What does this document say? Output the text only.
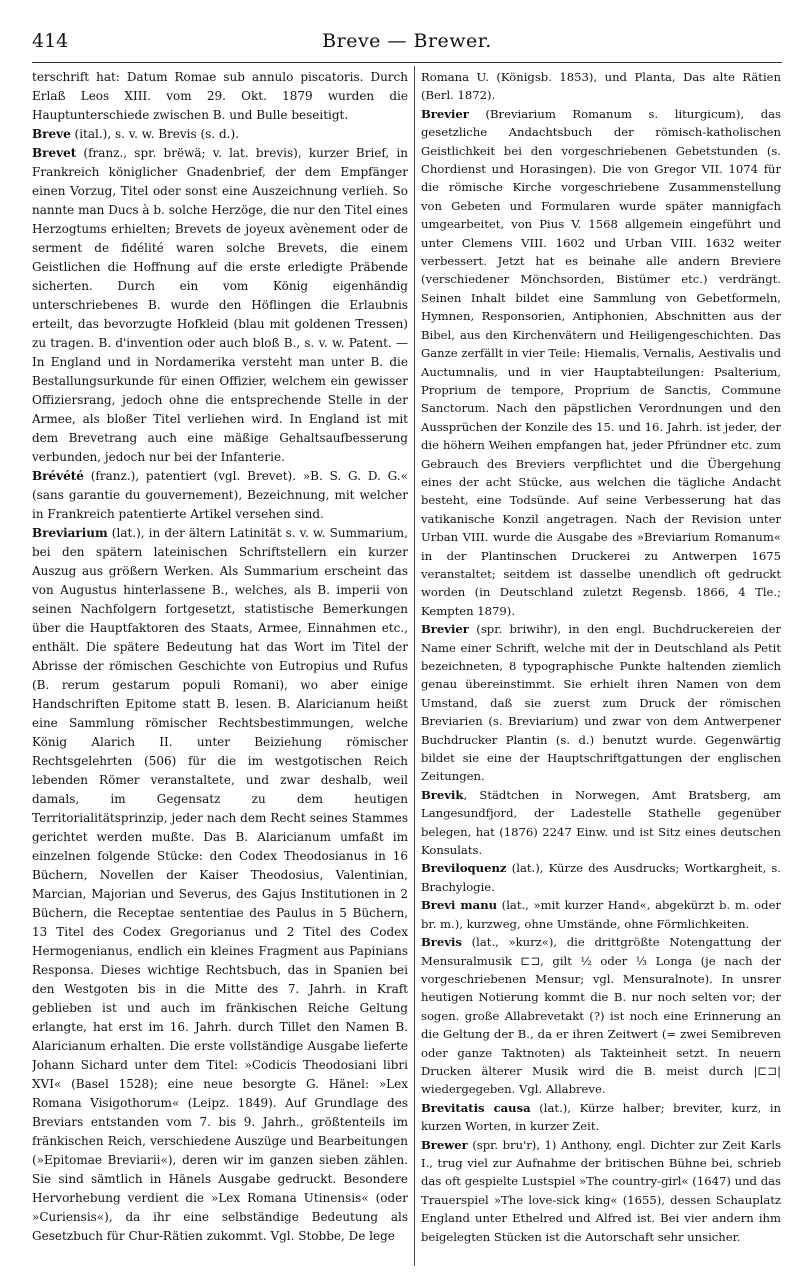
414	Breve — Brewer.

terschrift hat: Datum Romae sub annulo piscatoris. Durch Erlaß Leos XIII. vom 29. Okt. 1879 wurden die Hauptunterschiede zwischen B. und Bulle beseitigt.

Breve (ital.), s. v. w. Brevis (s. d.).

Brevet (franz., spr. brëwä; v. lat. brevis), kurzer Brief, in Frankreich königlicher Gnadenbrief, der dem Empfänger einen Vorzug, Titel oder sonst eine Auszeichnung verlieh. So nannte man Ducs à b. solche Herzöge, die nur den Titel eines Herzogtums erhielten; Brevets de joyeux avènement oder de serment de fidélité waren solche Brevets, die einem Geistlichen die Hoffnung auf die erste erledigte Präbende sicherten. Durch ein vom König eigenhändig unterschriebenes B. wurde den Höflingen die Erlaubnis erteilt, das bevorzugte Hofkleid (blau mit goldenen Tressen) zu tragen. B. d'invention oder auch bloß B., s. v. w. Patent. — In England und in Nordamerika versteht man unter B. die Bestallungsurkunde für einen Offizier, welchem ein gewisser Offiziersrang, jedoch ohne die entsprechende Stelle in der Armee, als bloßer Titel verliehen wird. In England ist mit dem Brevetrang auch eine mäßige Gehaltsaufbesserung verbunden, jedoch nur bei der Infanterie.

Brévété (franz.), patentiert (vgl. Brevet). »B. S. G. D. G.« (sans garantie du gouvernement), Bezeichnung, mit welcher in Frankreich patentierte Artikel versehen sind.

Breviarium (lat.), in der ältern Latinität s. v. w. Summarium, bei den spätern lateinischen Schriftstellern ein kurzer Auszug aus größern Werken. Als Summarium erscheint das von Augustus hinterlassene B., welches, als B. imperii von seinen Nachfolgern fortgesetzt, statistische Bemerkungen über die Hauptfaktoren des Staats, Armee, Einnahmen etc., enthält. Die spätere Bedeutung hat das Wort im Titel der Abrisse der römischen Geschichte von Eutropius und Rufus (B. rerum gestarum populi Romani), wo aber einige Handschriften Epitome statt B. lesen. B. Alaricianum heißt eine Sammlung römischer Rechtsbestimmungen, welche König Alarich II. unter Beiziehung römischer Rechtsgelehrten (506) für die im westgotischen Reich lebenden Römer veranstaltete, und zwar deshalb, weil damals, im Gegensatz zu dem heutigen Territorialitätsprinzip, jeder nach dem Recht seines Stammes gerichtet werden mußte. Das B. Alaricianum umfaßt im einzelnen folgende Stücke: den Codex Theodosianus in 16 Büchern, Novellen der Kaiser Theodosius, Valentinian, Marcian, Majorian und Severus, des Gajus Institutionen in 2 Büchern, die Receptae sententiae des Paulus in 5 Büchern, 13 Titel des Codex Gregorianus und 2 Titel des Codex Hermogenianus, endlich ein kleines Fragment aus Papinians Responsa. Dieses wichtige Rechtsbuch, das in Spanien bei den Westgoten bis in die Mitte des 7. Jahrh. in Kraft geblieben ist und auch im fränkischen Reiche Geltung erlangte, hat erst im 16. Jahrh. durch Tillet den Namen B. Alaricianum erhalten. Die erste vollständige Ausgabe lieferte Johann Sichard unter dem Titel: »Codicis Theodosiani libri XVI« (Basel 1528); eine neue besorgte G. Hänel: »Lex Romana Visigothorum« (Leipz. 1849). Auf Grundlage des Breviars entstanden vom 7. bis 9. Jahrh., größtenteils im fränkischen Reich, verschiedene Auszüge und Bearbeitungen (»Epitomae Breviarii«), deren wir im ganzen sieben zählen. Sie sind sämtlich in Hänels Ausgabe gedruckt. Besondere Hervorhebung verdient die »Lex Romana Utinensis« (oder »Curiensis«), da ihr eine selbständige Bedeutung als Gesetzbuch für Chur-Rätien zukommt. Vgl. Stobbe, De lege

Romana U. (Königsb. 1853), und Planta, Das alte Rätien (Berl. 1872).

Brevier (Breviarium Romanum s. liturgicum), das gesetzliche Andachtsbuch der römisch-katholischen Geistlichkeit bei den vorgeschriebenen Gebetstunden (s. Chordienst und Horasingen). Die von Gregor VII. 1074 für die römische Kirche vorgeschriebene Zusammenstellung von Gebeten und Formularen wurde später mannigfach umgearbeitet, von Pius V. 1568 allgemein eingeführt und unter Clemens VIII. 1602 und Urban VIII. 1632 weiter verbessert. Jetzt hat es beinahe alle andern Breviere (verschiedener Mönchsorden, Bistümer etc.) verdrängt. Seinen Inhalt bildet eine Sammlung von Gebetformeln, Hymnen, Responsorien, Antiphonien, Abschnitten aus der Bibel, aus den Kirchenvätern und Heiligengeschichten. Das Ganze zerfällt in vier Teile: Hiemalis, Vernalis, Aestivalis und Auctumnalis, und in vier Hauptabteilungen: Psalterium, Proprium de tempore, Proprium de Sanctis, Commune Sanctorum. Nach den päpstlichen Verordnungen und den Aussprüchen der Konzile des 15. und 16. Jahrh. ist jeder, der die höhern Weihen empfangen hat, jeder Pfründner etc. zum Gebrauch des Breviers verpflichtet und die Übergehung eines der acht Stücke, aus welchen die tägliche Andacht besteht, eine Todsünde. Auf seine Verbesserung hat das vatikanische Konzil angetragen. Nach der Revision unter Urban VIII. wurde die Ausgabe des »Breviarium Romanum« in der Plantinschen Druckerei zu Antwerpen 1675 veranstaltet; seitdem ist dasselbe unendlich oft gedruckt worden (in Deutschland zuletzt Regensb. 1866, 4 Tle.; Kempten 1879).

Brevier (spr. briwihr), in den engl. Buchdruckereien der Name einer Schrift, welche mit der in Deutschland als Petit bezeichneten, 8 typographische Punkte haltenden ziemlich genau übereinstimmt. Sie erhielt ihren Namen von dem Umstand, daß sie zuerst zum Druck der römischen Breviarien (s. Breviarium) und zwar von dem Antwerpener Buchdrucker Plantin (s. d.) benutzt wurde. Gegenwärtig bildet sie eine der Hauptschriftgattungen der englischen Zeitungen.

Brevik, Städtchen in Norwegen, Amt Bratsberg, am Langesundfjord, der Ladestelle Stathelle gegenüber belegen, hat (1876) 2247 Einw. und ist Sitz eines deutschen Konsulats.

Breviloquenz (lat.), Kürze des Ausdrucks; Wortkargheit, s. Brachylogie.

Brevi manu (lat., »mit kurzer Hand«, abgekürzt b. m. oder br. m.), kurzweg, ohne Umstände, ohne Förmlichkeiten.

Brevis (lat., »kurz«), die drittgrößte Notengattung der Mensuralmusik ⊏⊐, gilt ½ oder ⅓ Longa (je nach der vorgeschriebenen Mensur; vgl. Mensuralnote). In unsrer heutigen Notierung kommt die B. nur noch selten vor; der sogen. große Allabrevetakt (?) ist noch eine Erinnerung an die Geltung der B., da er ihren Zeitwert (= zwei Semibreven oder ganze Taktnoten) als Takteinheit setzt. In neuern Drucken älterer Musik wird die B. meist durch |⊏⊐| wiedergegeben. Vgl. Allabreve.

Brevitatis causa (lat.), Kürze halber; breviter, kurz, in kurzen Worten, in kurzer Zeit.

Brewer (spr. bru'r), 1) Anthony, engl. Dichter zur Zeit Karls I., trug viel zur Aufnahme der britischen Bühne bei, schrieb das oft gespielte Lustspiel »The country-girl« (1647) und das Trauerspiel »The love-sick king« (1655), dessen Schauplatz England unter Ethelred und Alfred ist. Bei vier andern ihm beigelegten Stücken ist die Autorschaft sehr unsicher.
